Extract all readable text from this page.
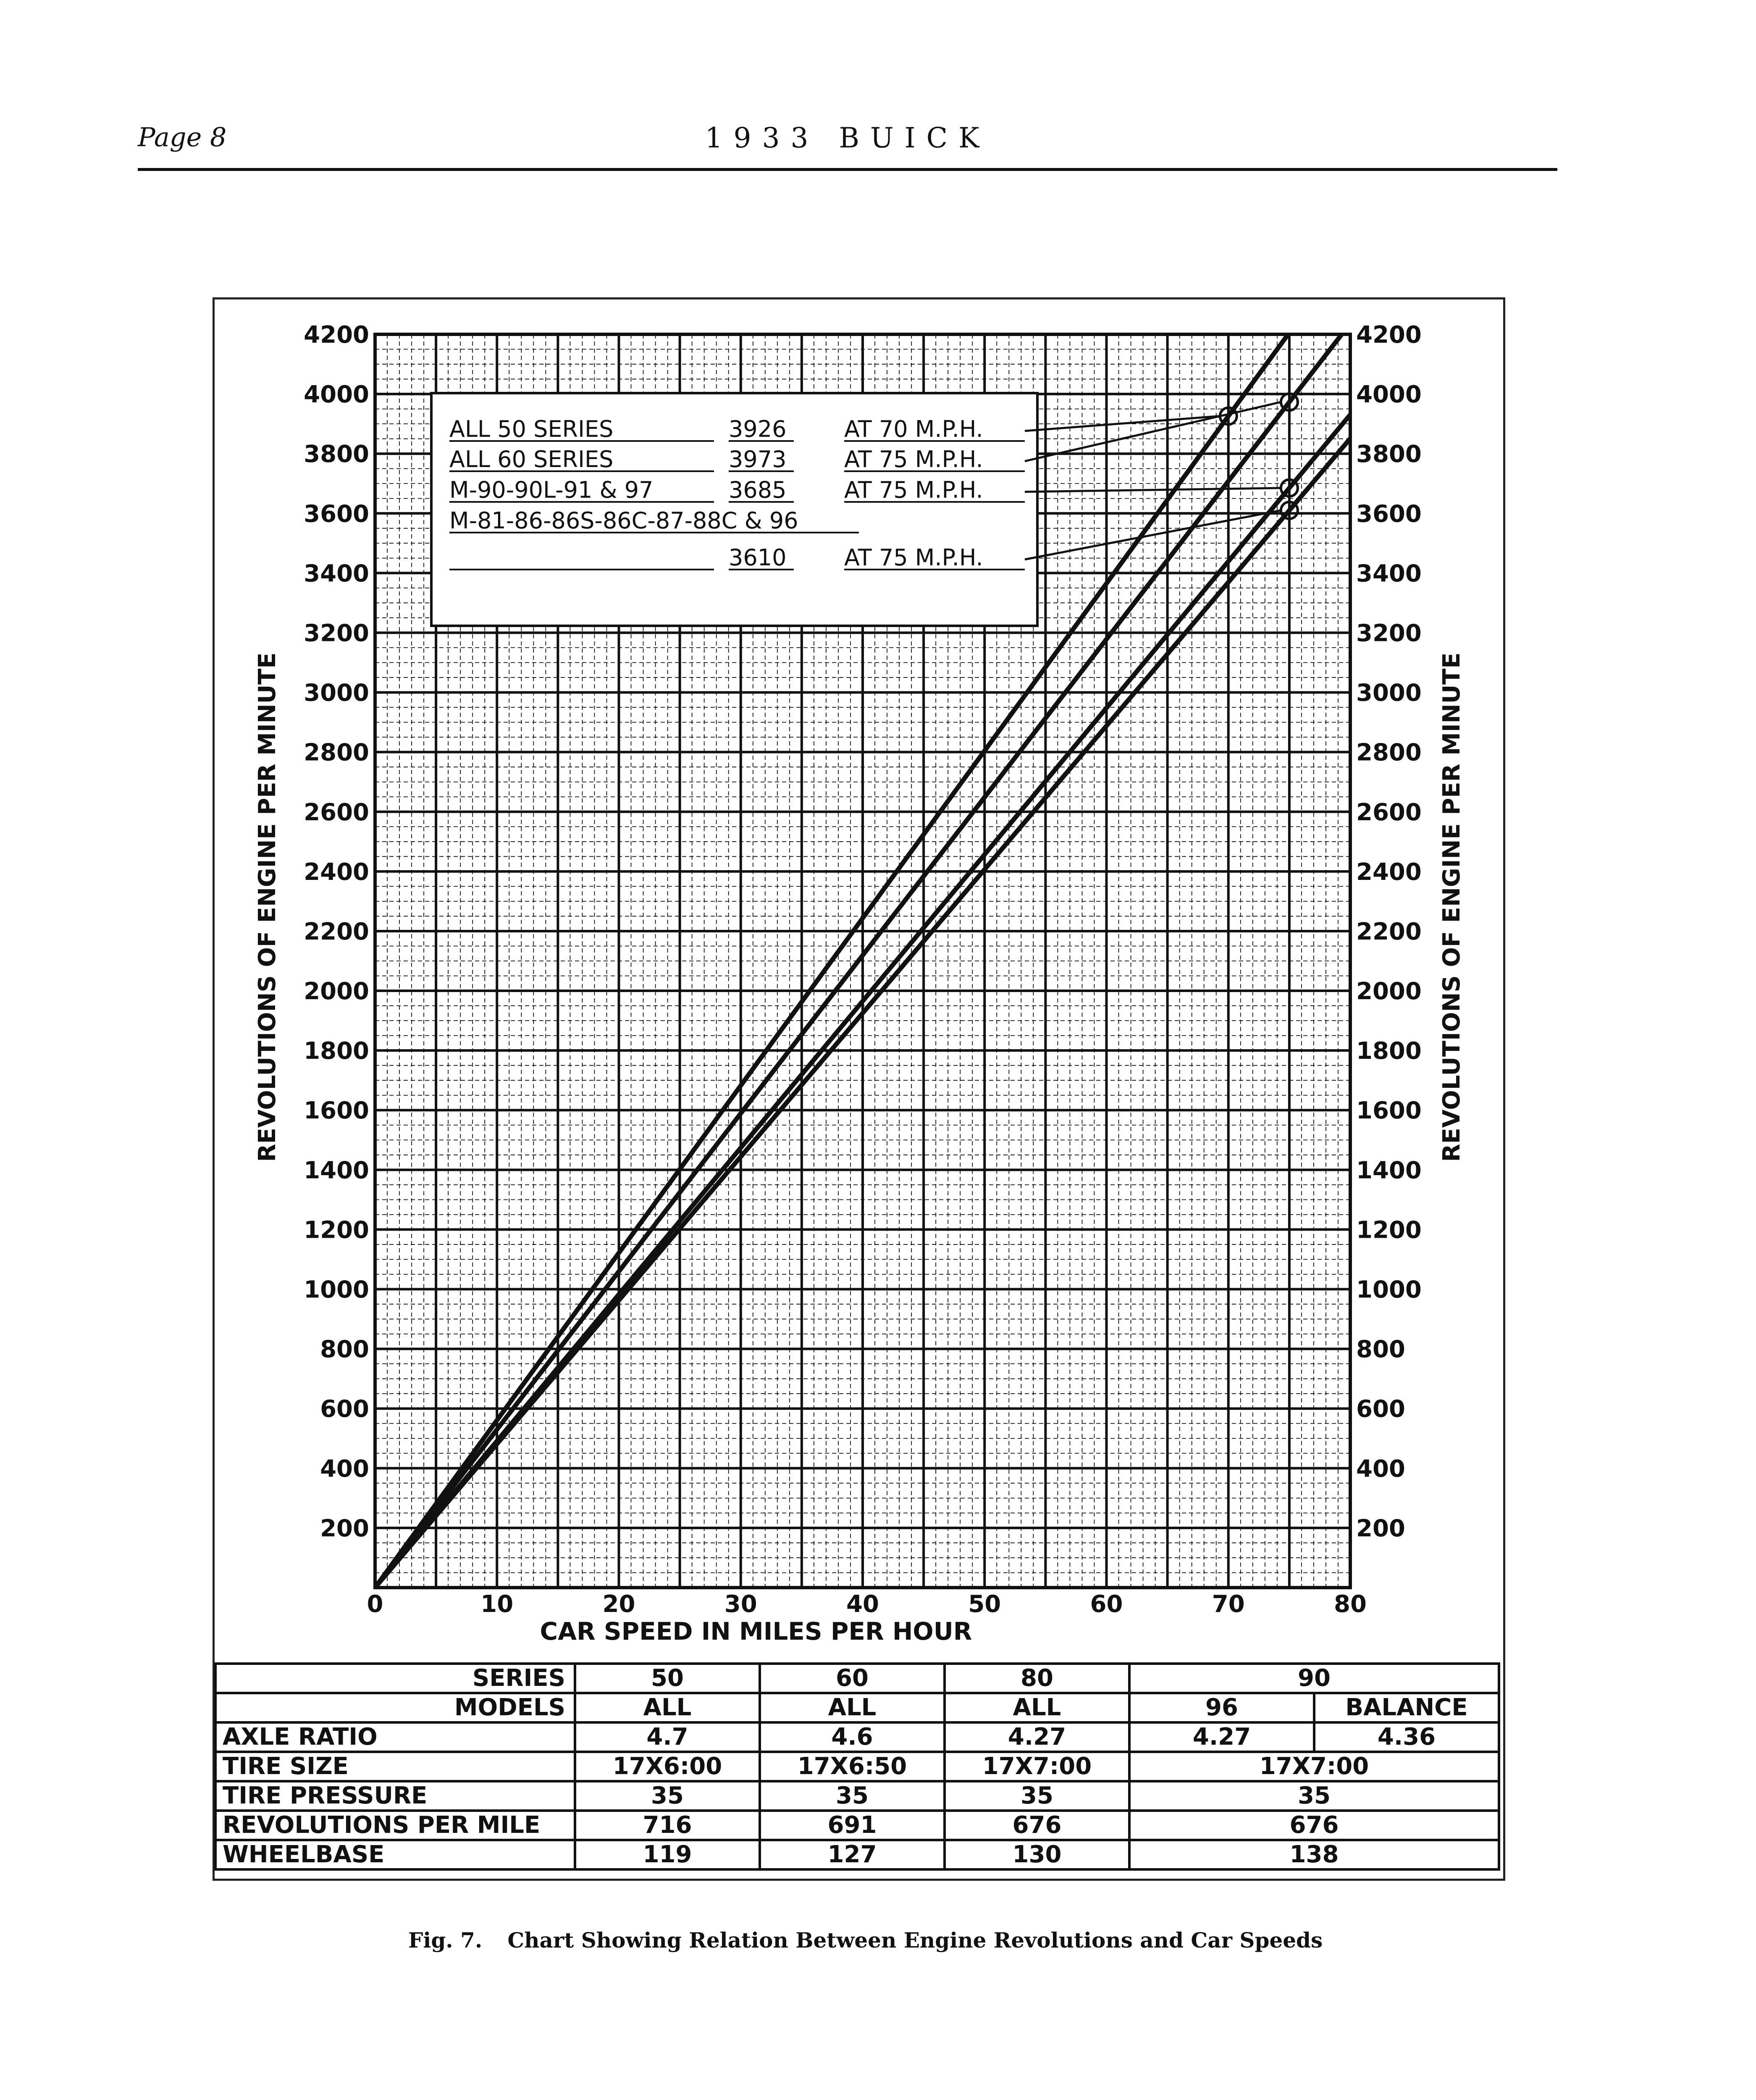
Page 8	1933 BUICK
0	10	20	30	40	50	60	70	80
200	200
400	400
600	600
800	800
1000	1000
1200	1200
1400	1400
1600	1600
1800	1800
2000	2000
2200	2200
2400	2400
2600	2600
2800	2800
3000	3000
3200	3200
3400	3400
3600	3600
3800	3800
4000	4000
4200	4200
ALL 50 SERIES	3926	AT 70 M.P.H.
ALL 60 SERIES	3973	AT 75 M.P.H.
M-90-90L-91 & 97	3685	AT 75 M.P.H.
M-81-86-86S-86C-87-88C & 96
3610	AT 75 M.P.H.
CAR SPEED IN MILES PER HOUR
REVOLUTIONS OF ENGINE PER MINUTE	REVOLUTIONS OF ENGINE PER MINUTE
SERIES	50	60	80	90	
MODELS	ALL	ALL	ALL	96	BALANCE
AXLE RATIO	4.7	4.6	4.27	4.27	4.36
TIRE SIZE	17X6:00	17X6:50	17X7:00	17X7:00	
TIRE PRESSURE	35	35	35	35	
REVOLUTIONS PER MILE	716	691	676	676	
WHEELBASE	119	127	130	138	
Fig. 7. Chart Showing Relation Between Engine Revolutions and Car Speeds
